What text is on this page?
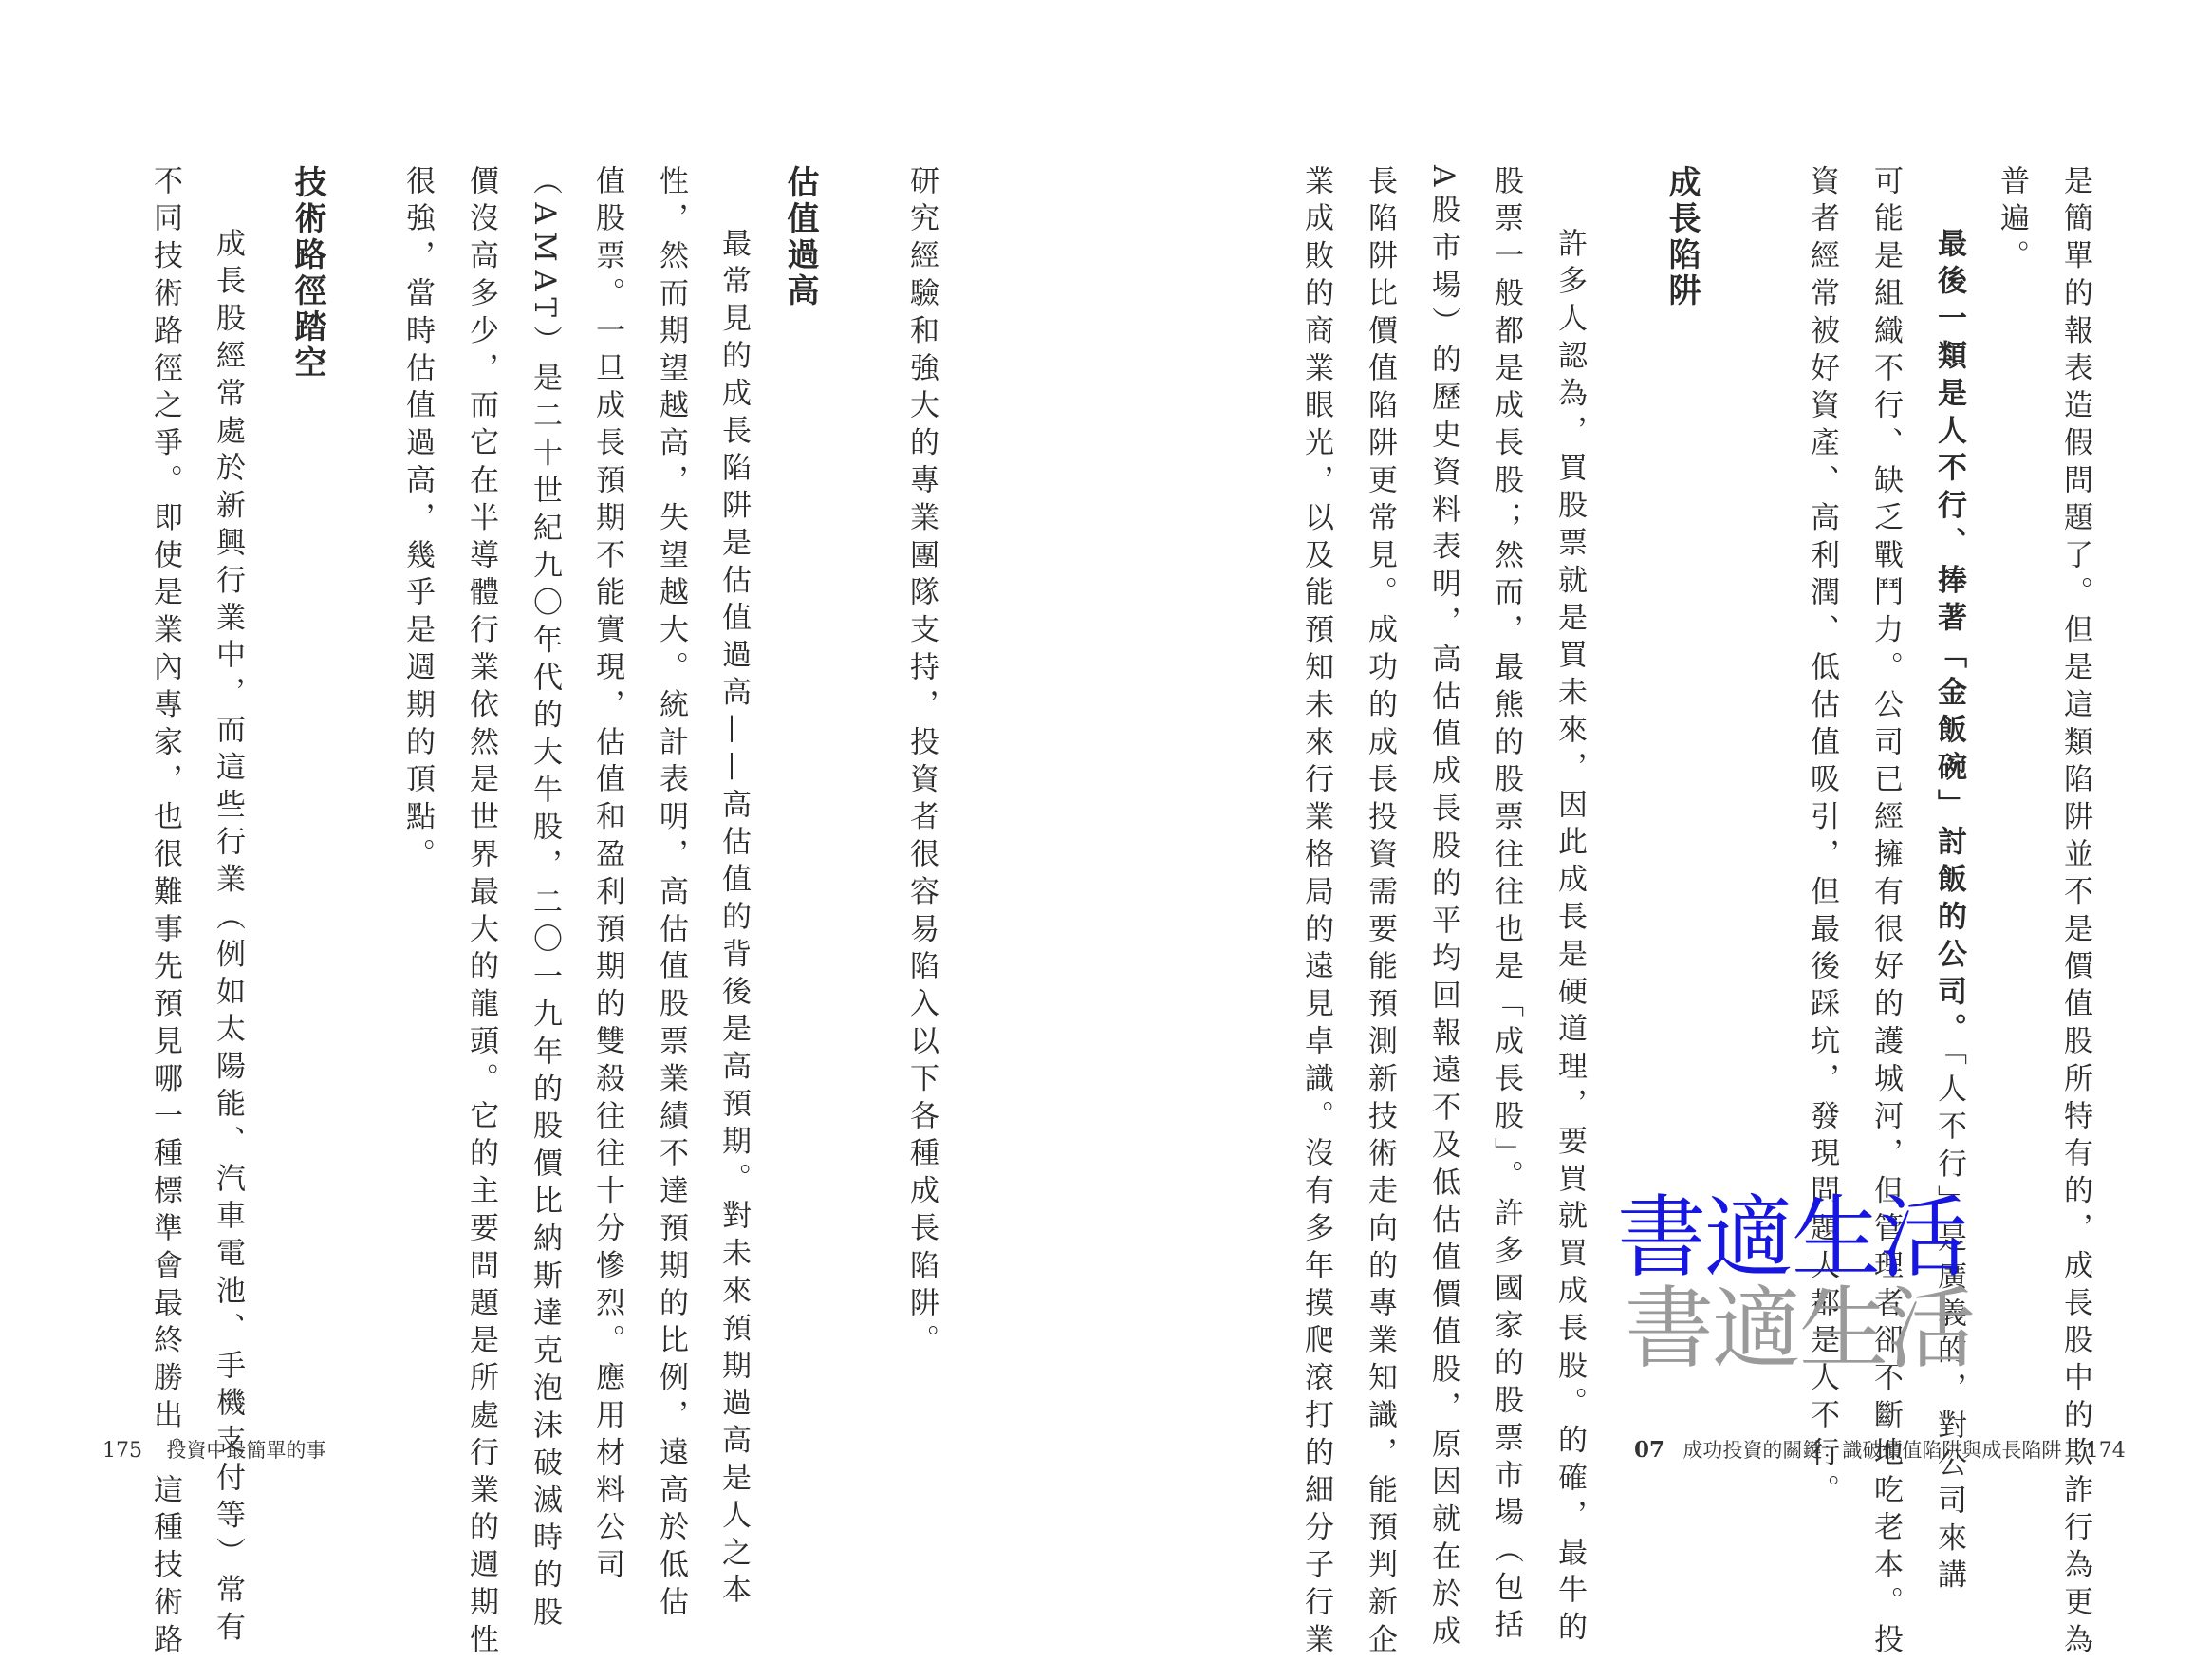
研究經驗和強大的專業團隊支持，投資者很容易陷入以下各種成長陷阱。
估值過高
最常見的成長陷阱是估值過高——高估值的背後是高預期。對未來預期過高是人之本
性，然而期望越高，失望越大。統計表明，高估值股票業績不達預期的比例，遠高於低估
值股票。一旦成長預期不能實現，估值和盈利預期的雙殺往往十分慘烈。應用材料公司
（AMAT）是二十世紀九〇年代的大牛股，二〇一九年的股價比納斯達克泡沫破滅時的股
價沒高多少，而它在半導體行業依然是世界最大的龍頭。它的主要問題是所處行業的週期性
很強，當時估值過高，幾乎是週期的頂點。
技術路徑踏空
成長股經常處於新興行業中，而這些行業（例如太陽能、汽車電池、手機支付等）常有
不同技術路徑之爭。即使是業內專家，也很難事先預見哪一種標準會最終勝出。這種技術路
175 投資中最簡單的事	是簡單的報表造假問題了。但是這類陷阱並不是價值股所特有的，成長股中的欺詐行為更為
普遍。
最後一類是人不行、捧著「金飯碗」討飯的公司。「人不行」是廣義的，對公司來講
可能是組織不行、缺乏戰鬥力。公司已經擁有很好的護城河，但管理者卻不斷地吃老本。投
資者經常被好資產、高利潤、低估值吸引，但最後踩坑，發現問題大都是人不行。
成長陷阱
許多人認為，買股票就是買未來，因此成長是硬道理，要買就買成長股。的確，最牛的
股票一般都是成長股；然而，最熊的股票往往也是「成長股」。許多國家的股票市場（包括
A股市場）的歷史資料表明，高估值成長股的平均回報遠不及低估值價值股，原因就在於成
長陷阱比價值陷阱更常見。成功的成長投資需要能預測新技術走向的專業知識，能預判新企
業成敗的商業眼光，以及能預知未來行業格局的遠見卓識。沒有多年摸爬滾打的細分子行業	07 成功投資的關鍵：識破價值陷阱與成長陷阱 174
書適生活
書適生活
